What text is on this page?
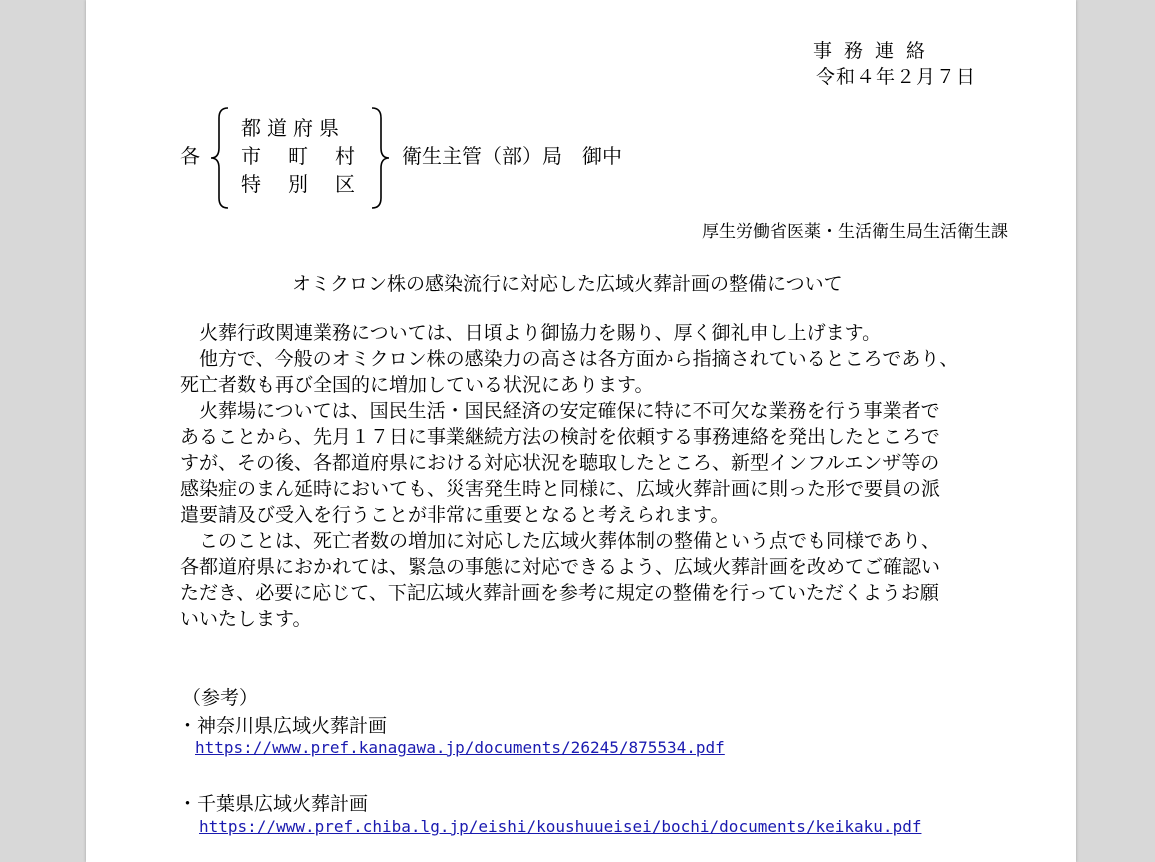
事務連絡
令和４年２月７日
各
都道府県
市町村
特別区
衛生主管（部）局　御中
厚生労働省医薬・生活衛生局生活衛生課
オミクロン株の感染流行に対応した広域火葬計画の整備について

火葬行政関連業務については、日頃より御協力を賜り、厚く御礼申し上げます。

他方で、今般のオミクロン株の感染力の高さは各方面から指摘されているところであり、

死亡者数も再び全国的に増加している状況にあります。

火葬場については、国民生活・国民経済の安定確保に特に不可欠な業務を行う事業者で

あることから、先月１７日に事業継続方法の検討を依頼する事務連絡を発出したところで

すが、その後、各都道府県における対応状況を聴取したところ、新型インフルエンザ等の

感染症のまん延時においても、災害発生時と同様に、広域火葬計画に則った形で要員の派

遣要請及び受入を行うことが非常に重要となると考えられます。

このことは、死亡者数の増加に対応した広域火葬体制の整備という点でも同様であり、

各都道府県におかれては、緊急の事態に対応できるよう、広域火葬計画を改めてご確認い

ただき、必要に応じて、下記広域火葬計画を参考に規定の整備を行っていただくようお願

いいたします。

（参考）
・神奈川県広域火葬計画
https://www.pref.kanagawa.jp/documents/26245/875534.pdf
・千葉県広域火葬計画
https://www.pref.chiba.lg.jp/eishi/koushuueisei/bochi/documents/keikaku.pdf
